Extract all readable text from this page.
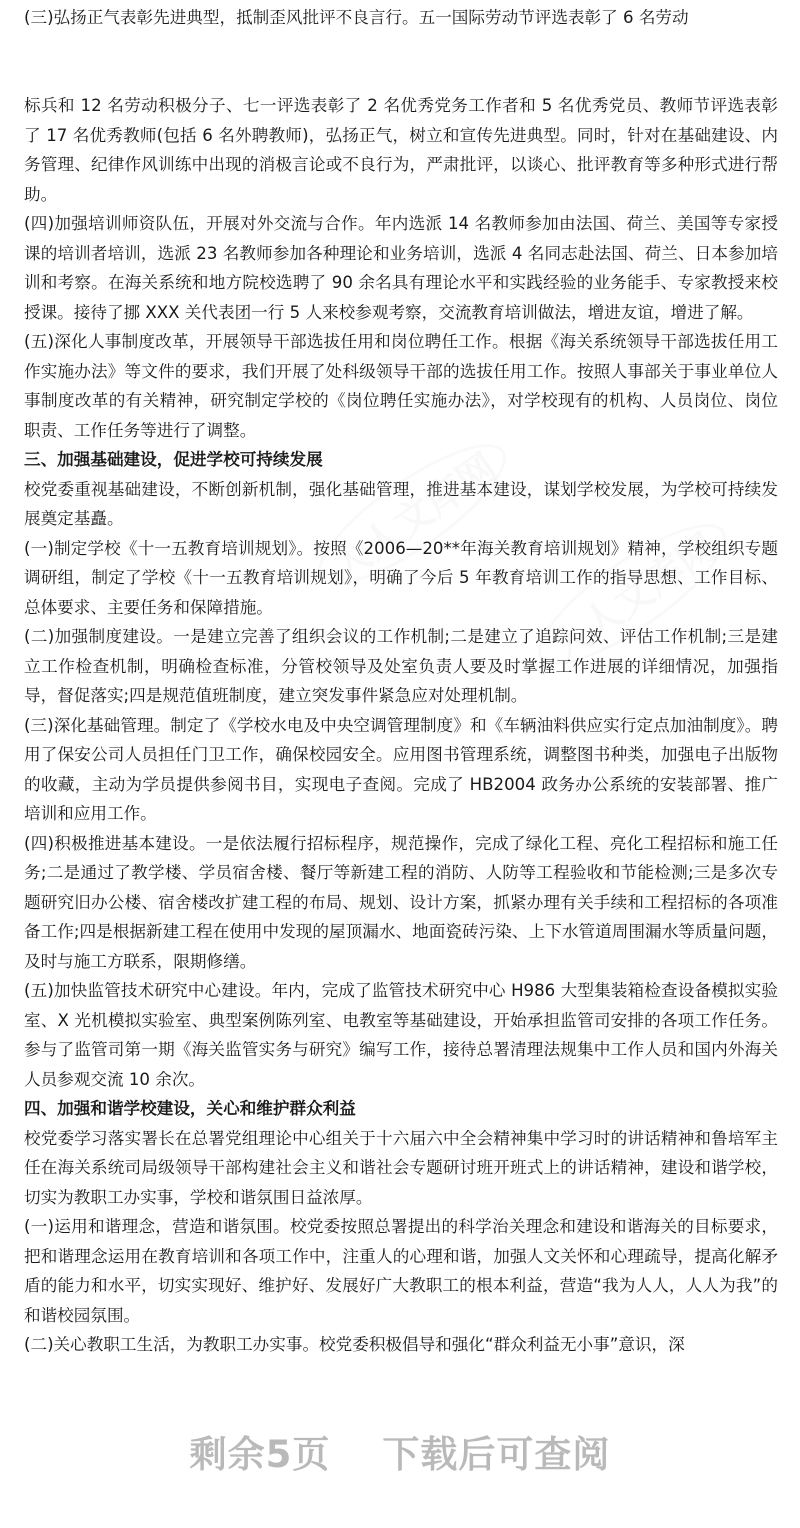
(三)弘扬正气表彰先进典型，抵制歪风批评不良言行。五一国际劳动节评选表彰了 6 名劳动

标兵和 12 名劳动积极分子、七一评选表彰了 2 名优秀党务工作者和 5 名优秀党员、教师节评选表彰了 17 名优秀教师(包括 6 名外聘教师)，弘扬正气，树立和宣传先进典型。同时，针对在基础建设、内务管理、纪律作风训练中出现的消极言论或不良行为，严肃批评，以谈心、批评教育等多种形式进行帮助。

(四)加强培训师资队伍，开展对外交流与合作。年内选派 14 名教师参加由法国、荷兰、美国等专家授课的培训者培训，选派 23 名教师参加各种理论和业务培训，选派 4 名同志赴法国、荷兰、日本参加培训和考察。在海关系统和地方院校选聘了 90 余名具有理论水平和实践经验的业务能手、专家教授来校授课。接待了挪 XXX 关代表团一行 5 人来校参观考察，交流教育培训做法，增进友谊，增进了解。

(五)深化人事制度改革，开展领导干部选拔任用和岗位聘任工作。根据《海关系统领导干部选拔任用工作实施办法》等文件的要求，我们开展了处科级领导干部的选拔任用工作。按照人事部关于事业单位人事制度改革的有关精神，研究制定学校的《岗位聘任实施办法》，对学校现有的机构、人员岗位、岗位职责、工作任务等进行了调整。

三、加强基础建设，促进学校可持续发展

校党委重视基础建设，不断创新机制，强化基础管理，推进基本建设，谋划学校发展，为学校可持续发展奠定基矗。

(一)制定学校《十一五教育培训规划》。按照《2006—20**年海关教育培训规划》精神，学校组织专题调研组，制定了学校《十一五教育培训规划》，明确了今后 5 年教育培训工作的指导思想、工作目标、总体要求、主要任务和保障措施。

(二)加强制度建设。一是建立完善了组织会议的工作机制;二是建立了追踪问效、评估工作机制;三是建立工作检查机制，明确检查标准，分管校领导及处室负责人要及时掌握工作进展的详细情况，加强指导，督促落实;四是规范值班制度，建立突发事件紧急应对处理机制。

(三)深化基础管理。制定了《学校水电及中央空调管理制度》和《车辆油料供应实行定点加油制度》。聘用了保安公司人员担任门卫工作，确保校园安全。应用图书管理系统，调整图书种类，加强电子出版物的收藏，主动为学员提供参阅书目，实现电子查阅。完成了 HB2004 政务办公系统的安装部署、推广培训和应用工作。

(四)积极推进基本建设。一是依法履行招标程序，规范操作，完成了绿化工程、亮化工程招标和施工任务;二是通过了教学楼、学员宿舍楼、餐厅等新建工程的消防、人防等工程验收和节能检测;三是多次专题研究旧办公楼、宿舍楼改扩建工程的布局、规划、设计方案，抓紧办理有关手续和工程招标的各项准备工作;四是根据新建工程在使用中发现的屋顶漏水、地面瓷砖污染、上下水管道周围漏水等质量问题，及时与施工方联系，限期修缮。

(五)加快监管技术研究中心建设。年内，完成了监管技术研究中心 H986 大型集装箱检查设备模拟实验室、X 光机模拟实验室、典型案例陈列室、电教室等基础建设，开始承担监管司安排的各项工作任务。参与了监管司第一期《海关监管实务与研究》编写工作，接待总署清理法规集中工作人员和国内外海关人员参观交流 10 余次。

四、加强和谐学校建设，关心和维护群众利益

校党委学习落实署长在总署党组理论中心组关于十六届六中全会精神集中学习时的讲话精神和鲁培军主任在海关系统司局级领导干部构建社会主义和谐社会专题研讨班开班式上的讲话精神，建设和谐学校，切实为教职工办实事，学校和谐氛围日益浓厚。

(一)运用和谐理念，营造和谐氛围。校党委按照总署提出的科学治关理念和建设和谐海关的目标要求，把和谐理念运用在教育培训和各项工作中，注重人的心理和谐，加强人文关怀和心理疏导，提高化解矛盾的能力和水平，切实实现好、维护好、发展好广大教职工的根本利益，营造“我为人人，人人为我”的和谐校园氛围。

(二)关心教职工生活，为教职工办实事。校党委积极倡导和强化“群众利益无小事”意识，深

人人文库网
人人文库网
剩余5页 下载后可查阅
